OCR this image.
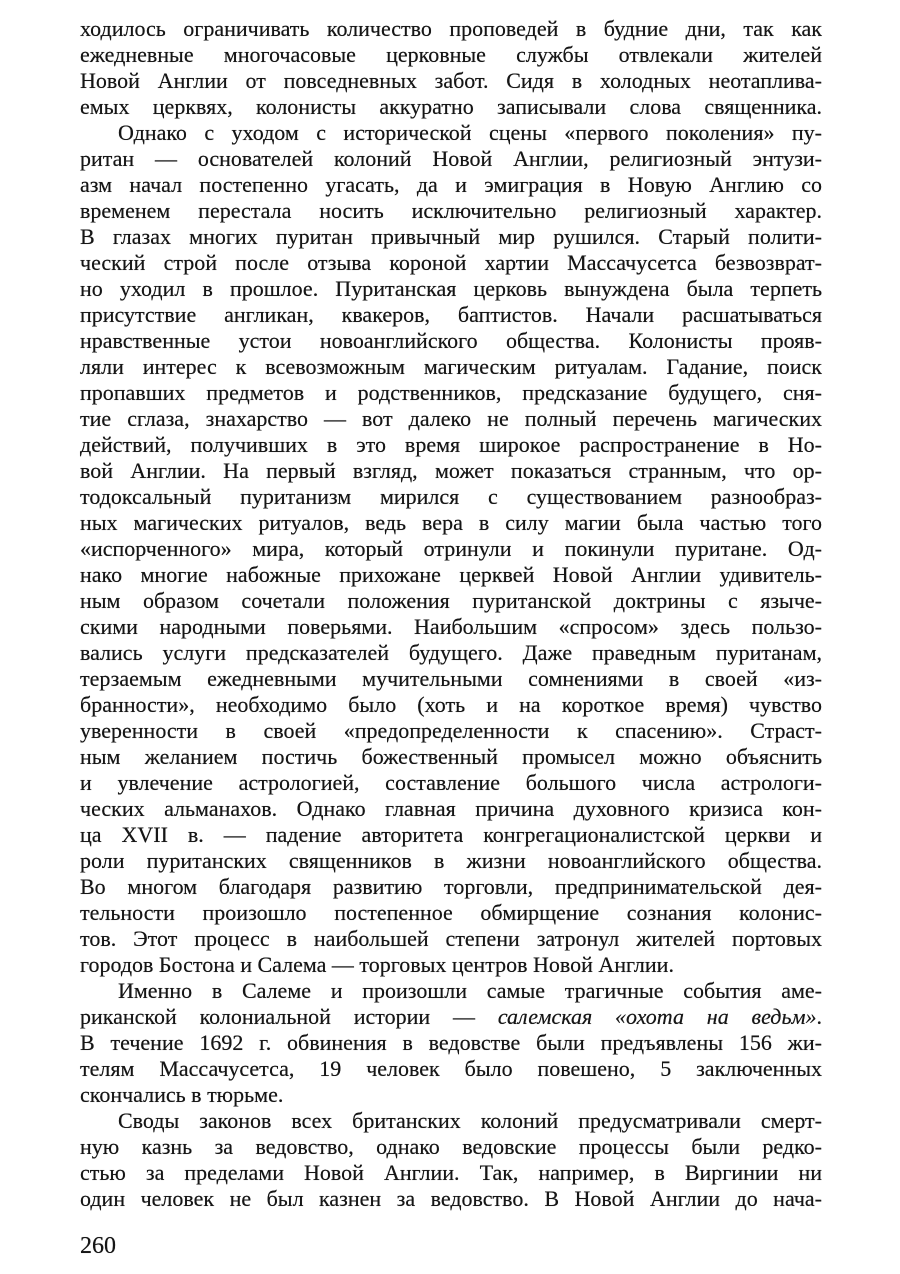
ходилось ограничивать количество проповедей в будние дни, так как
ежедневные многочасовые церковные службы отвлекали жителей
Новой Англии от повседневных забот. Сидя в холодных неотаплива-
емых церквях, колонисты аккуратно записывали слова священника.
Однако с уходом с исторической сцены «первого поколения» пу-
ритан — основателей колоний Новой Англии, религиозный энтузи-
азм начал постепенно угасать, да и эмиграция в Новую Англию со
временем перестала носить исключительно религиозный характер.
В глазах многих пуритан привычный мир рушился. Старый полити-
ческий строй после отзыва короной хартии Массачусетса безвозврат-
но уходил в прошлое. Пуританская церковь вынуждена была терпеть
присутствие англикан, квакеров, баптистов. Начали расшатываться
нравственные устои новоанглийского общества. Колонисты прояв-
ляли интерес к всевозможным магическим ритуалам. Гадание, поиск
пропавших предметов и родственников, предсказание будущего, сня-
тие сглаза, знахарство — вот далеко не полный перечень магических
действий, получивших в это время широкое распространение в Но-
вой Англии. На первый взгляд, может показаться странным, что ор-
тодоксальный пуританизм мирился с существованием разнообраз-
ных магических ритуалов, ведь вера в силу магии была частью того
«испорченного» мира, который отринули и покинули пуритане. Од-
нако многие набожные прихожане церквей Новой Англии удивитель-
ным образом сочетали положения пуританской доктрины с языче-
скими народными поверьями. Наибольшим «спросом» здесь пользо-
вались услуги предсказателей будущего. Даже праведным пуританам,
терзаемым ежедневными мучительными сомнениями в своей «из-
бранности», необходимо было (хоть и на короткое время) чувство
уверенности в своей «предопределенности к спасению». Страст-
ным желанием постичь божественный промысел можно объяснить
и увлечение астрологией, составление большого числа астрологи-
ческих альманахов. Однако главная причина духовного кризиса кон-
ца XVII в. — падение авторитета конгрегационалистской церкви и
роли пуританских священников в жизни новоанглийского общества.
Во многом благодаря развитию торговли, предпринимательской дея-
тельности произошло постепенное обмирщение сознания колонис-
тов. Этот процесс в наибольшей степени затронул жителей портовых
городов Бостона и Салема — торговых центров Новой Англии.
Именно в Салеме и произошли самые трагичные события аме-
риканской колониальной истории — салемская «охота на ведьм».
В течение 1692 г. обвинения в ведовстве были предъявлены 156 жи-
телям Массачусетса, 19 человек было повешено, 5 заключенных
скончались в тюрьме.
Своды законов всех британских колоний предусматривали смерт-
ную казнь за ведовство, однако ведовские процессы были редко-
стью за пределами Новой Англии. Так, например, в Виргинии ни
один человек не был казнен за ведовство. В Новой Англии до нача-
260
